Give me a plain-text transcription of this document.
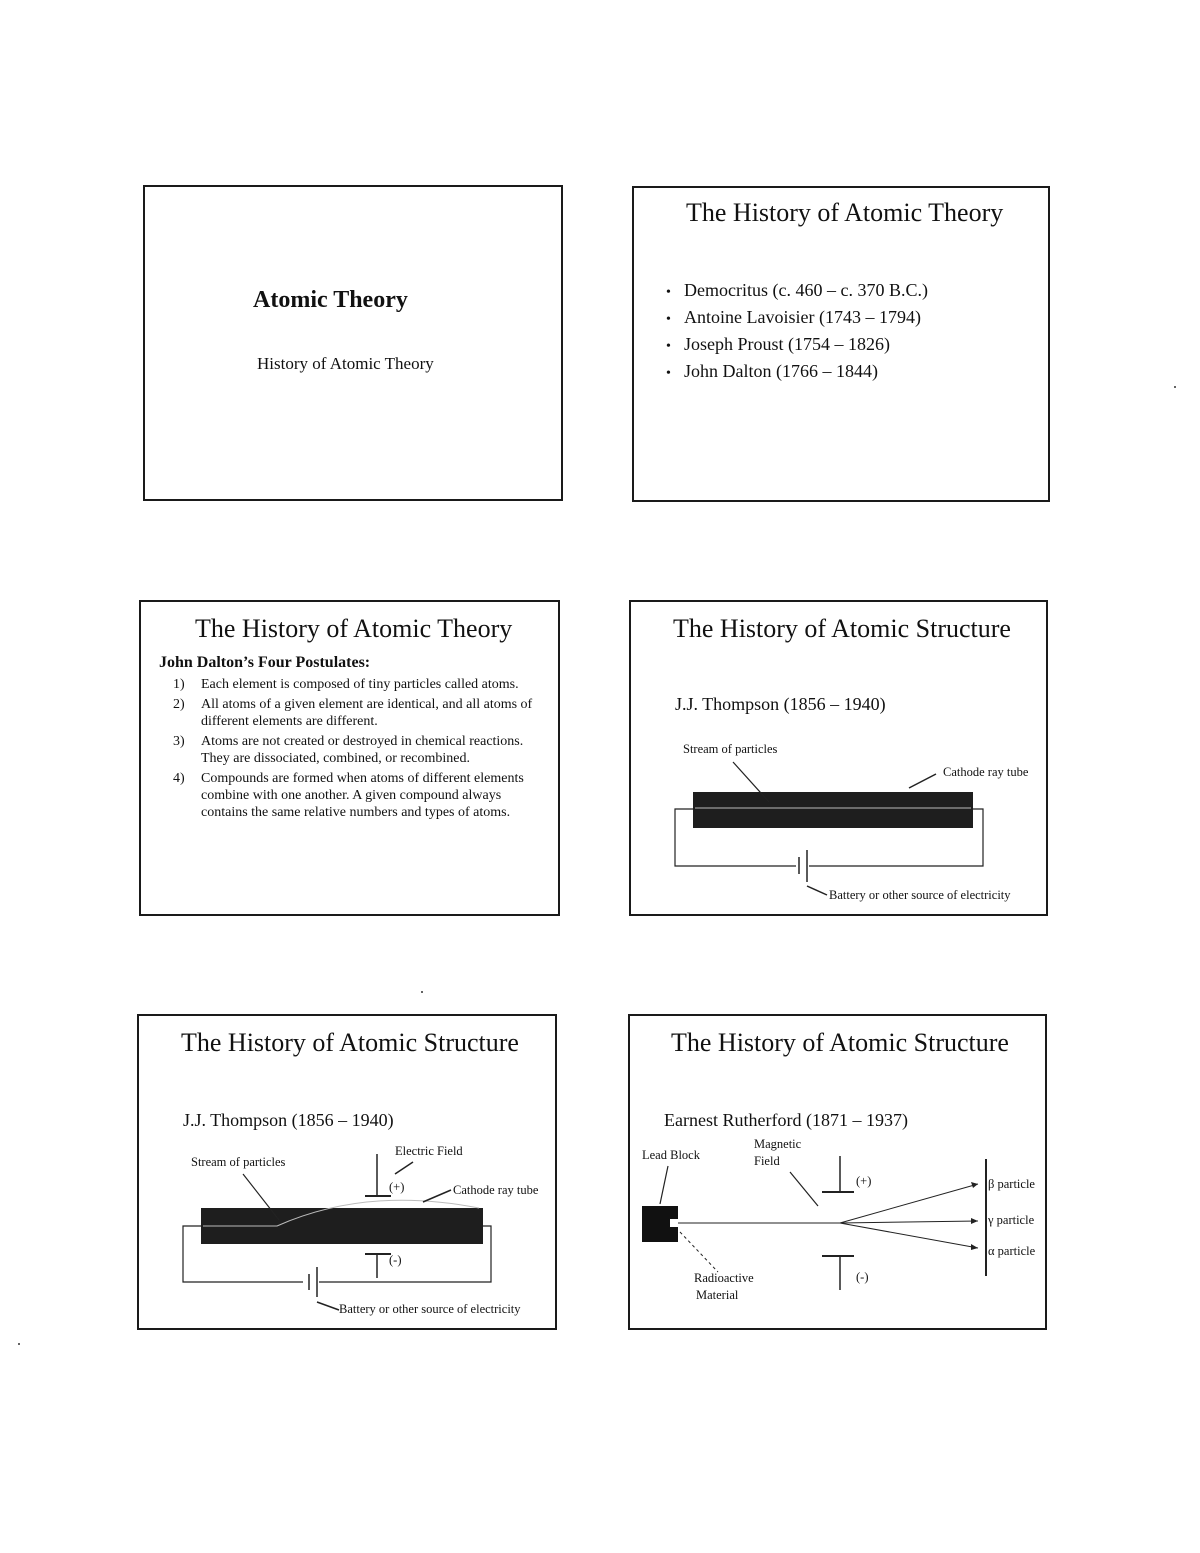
Atomic Theory
History of Atomic Theory
The History of Atomic Theory
• Democritus (c. 460 – c. 370 B.C.)
• Antoine Lavoisier (1743 – 1794)
• Joseph Proust (1754 – 1826)
• John Dalton (1766 – 1844)
The History of Atomic Theory
John Dalton’s Four Postulates:
1)	Each element is composed of tiny particles called atoms.
2)	All atoms of a given element are identical, and all atoms of different elements are different.
3)	Atoms are not created or destroyed in chemical reactions. They are dissociated, combined, or recombined.
4)	Compounds are formed when atoms of different elements combine with one another. A given compound always contains the same relative numbers and types of atoms.
The History of Atomic Structure
J.J. Thompson (1856 – 1940)
Stream of particles
Cathode ray tube
Battery or other source of electricity
The History of Atomic Structure
J.J. Thompson (1856 – 1940)
Stream of particles
Electric Field
(+)	Cathode ray tube
(-)
Battery or other source of electricity
The History of Atomic Structure
Earnest Rutherford (1871 – 1937)
Lead Block
Magnetic
Field
(+)
(-)
β particle
γ particle
α particle
Radioactive
Material
